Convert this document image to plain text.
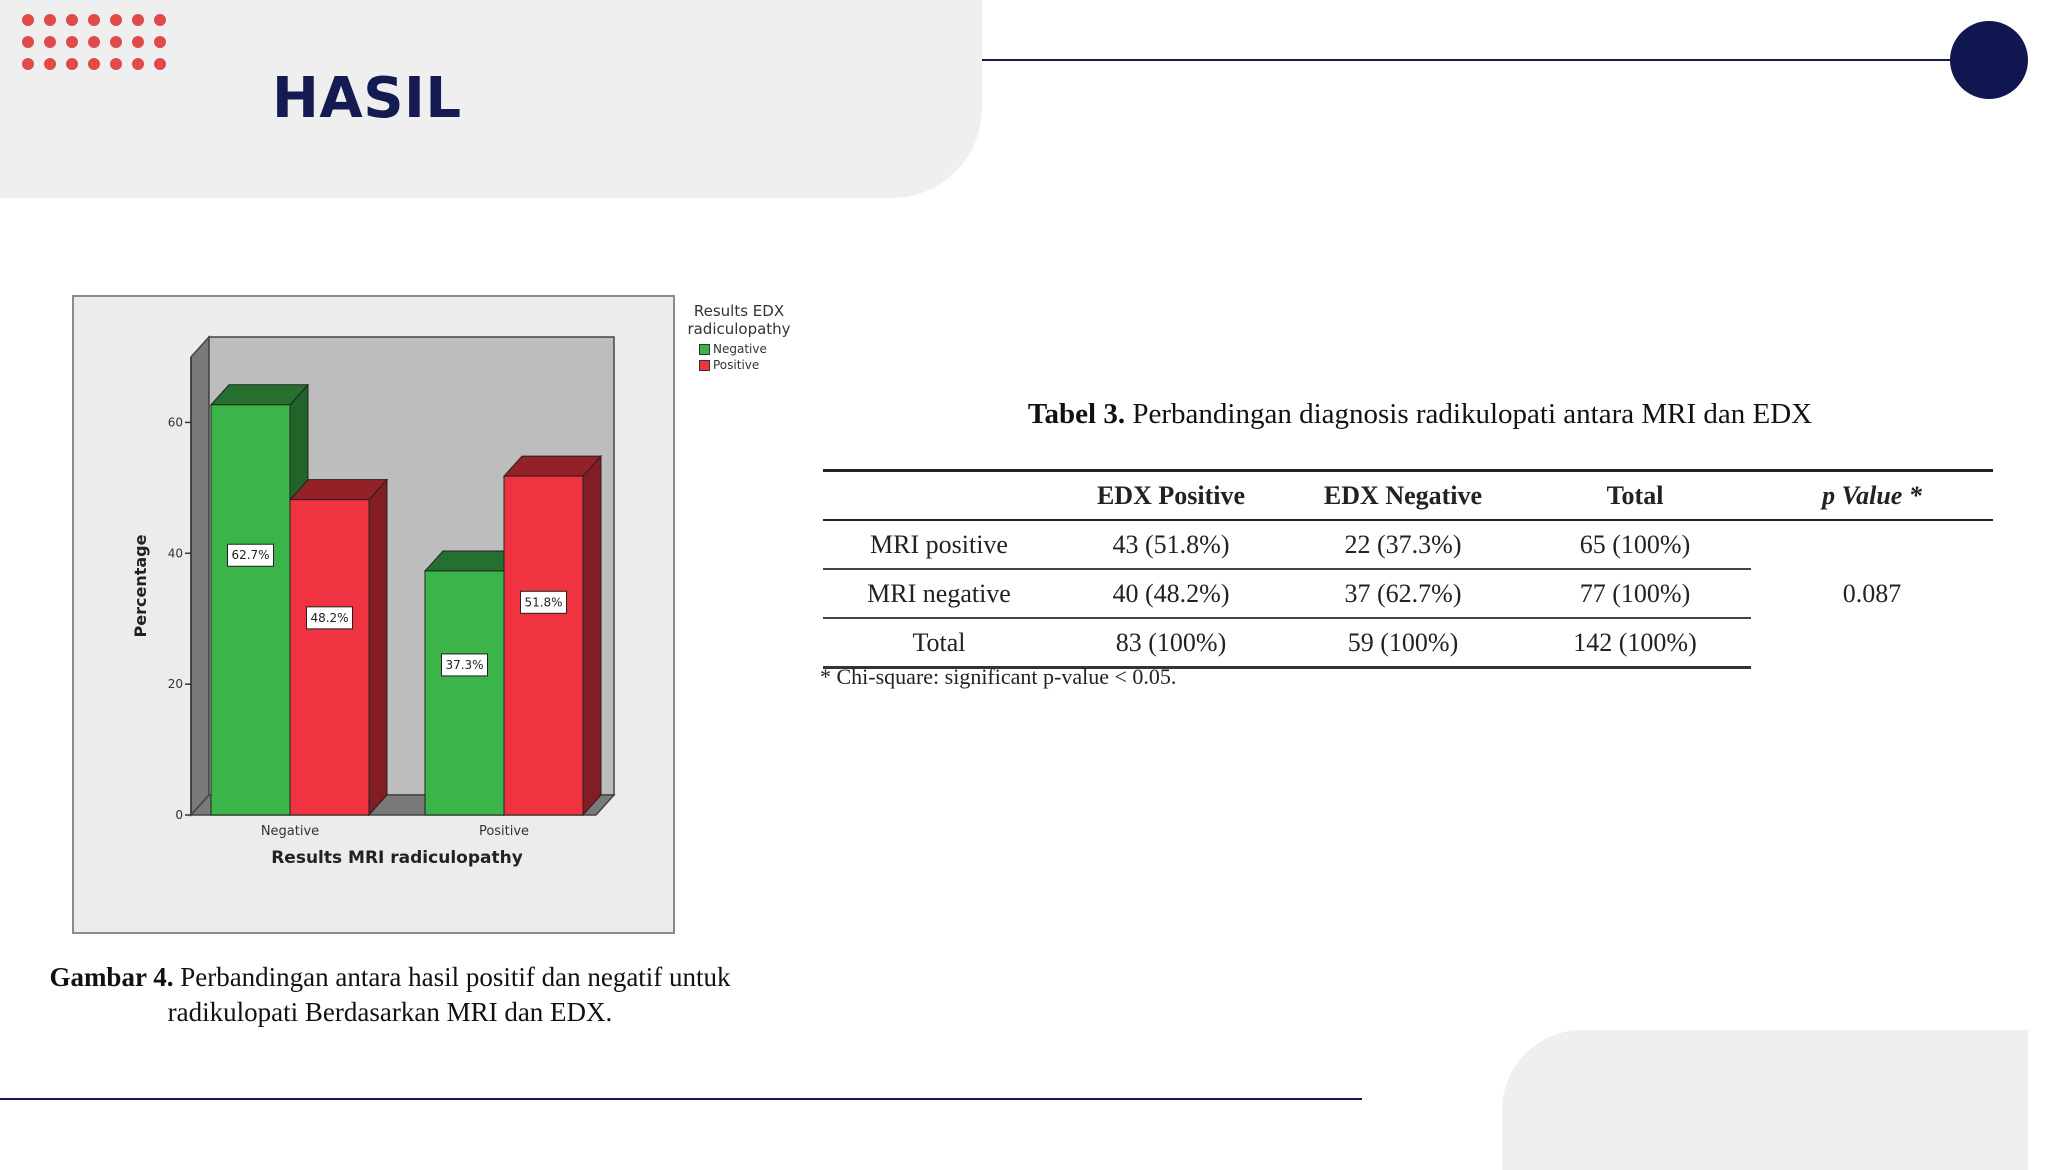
HASIL
0
20
40
60
Percentage	62.7%
48.2%
Negative
37.3%
51.8%
Positive
Results MRI radiculopathy

Results EDX radiculopathy

Negative
Positive

Gambar 4. Perbandingan antara hasil positif dan negatif untuk radikulopati Berdasarkan MRI dan EDX.

Tabel 3. Perbandingan diagnosis radikulopati antara MRI dan EDX

	EDX Positive	EDX Negative	Total	p Value *
MRI positive	43 (51.8%)	22 (37.3%)	65 (100%)	0.087
MRI negative	40 (48.2%)	37 (62.7%)	77 (100%)	
Total	83 (100%)	59 (100%)	142 (100%)	

* Chi-square: significant p-value < 0.05.
